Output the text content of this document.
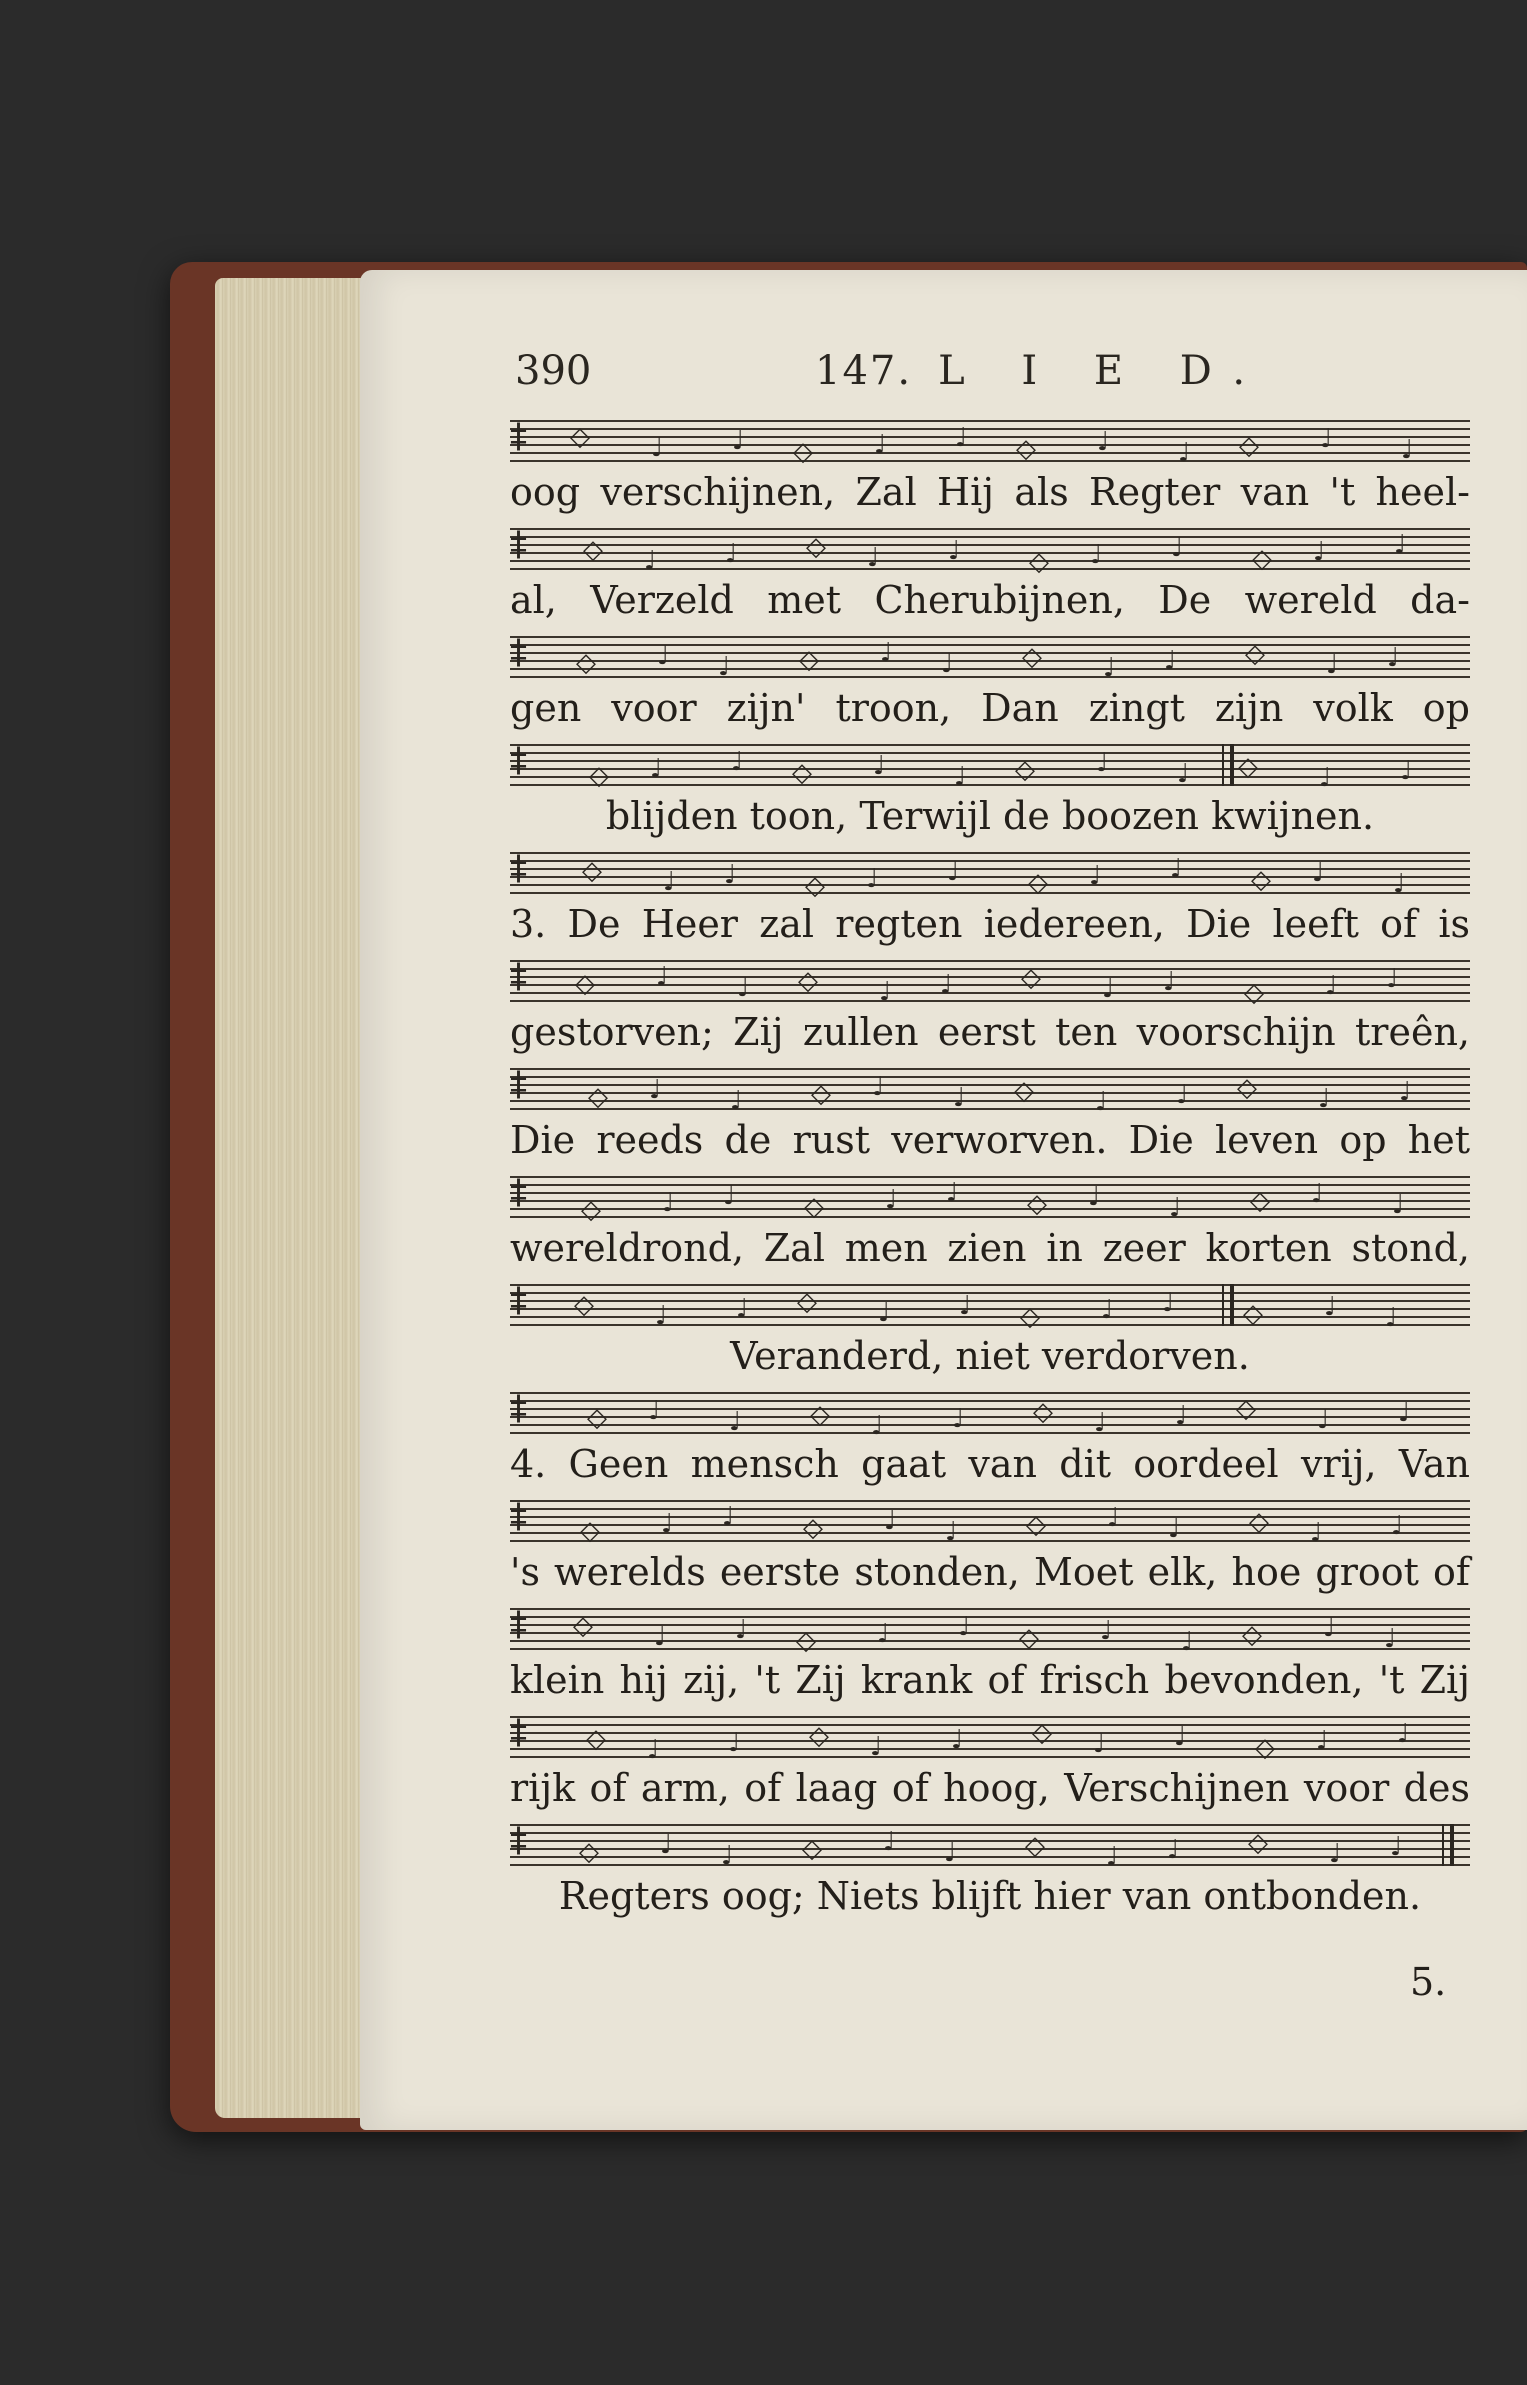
390	147. L I E D.
‡ ◇ ♩	♩ ◇ ♩	♩ ◇ ♩	♩ ◇ ♩	♩
oog verschijnen, Zal Hij als Regter van 't heel-
‡ ◇ ♩	♩	◇ ♩	♩	◇ ♩	♩	◇ ♩	♩
al, Verzeld met Cherubijnen, De wereld da-
‡ ◇ ♩ ♩	◇ ♩ ♩	◇ ♩ ♩	◇ ♩ ♩
gen voor zijn' troon, Dan zingt zijn volk op
‡ ◇ ♩	♩ ◇ ♩	♩ ◇ ♩	♩ ◇ ♩	♩
blijden toon, Terwijl de boozen kwijnen.
‡ ◇ ♩ ♩	◇ ♩	♩	◇ ♩	♩	◇ ♩	♩
3. De Heer zal regten iedereen, Die leeft of is
‡ ◇ ♩	♩ ◇ ♩ ♩	◇ ♩ ♩	◇ ♩ ♩
gestorven; Zij zullen eerst ten voorschijn treên,
‡ ◇ ♩	♩	◇ ♩	♩ ◇ ♩	♩ ◇ ♩	♩
Die reeds de rust verworven. Die leven op het
‡ ◇ ♩ ♩	◇ ♩ ♩	◇ ♩	♩	◇ ♩	♩
wereldrond, Zal men zien in zeer korten stond,
‡ ◇ ♩	♩ ◇ ♩	♩ ◇ ♩ ♩	◇ ♩ ♩
Veranderd, niet verdorven.
‡ ◇ ♩	♩	◇ ♩	♩	◇ ♩	♩ ◇ ♩	♩
4. Geen mensch gaat van dit oordeel vrij, Van
‡ ◇ ♩ ♩	◇ ♩ ♩	◇ ♩ ♩	◇ ♩	♩
's werelds eerste stonden, Moet elk, hoe groot of
‡ ◇ ♩	♩ ◇ ♩	♩ ◇ ♩	♩ ◇ ♩ ♩
klein hij zij, 't Zij krank of frisch bevonden, 't Zij
‡ ◇ ♩	♩	◇ ♩	♩	◇ ♩	♩	◇ ♩	♩
rijk of arm, of laag of hoog, Verschijnen voor des
‡ ◇ ♩ ♩	◇ ♩ ♩	◇ ♩ ♩	◇ ♩ ♩
Regters oog; Niets blijft hier van ontbonden.
5.
